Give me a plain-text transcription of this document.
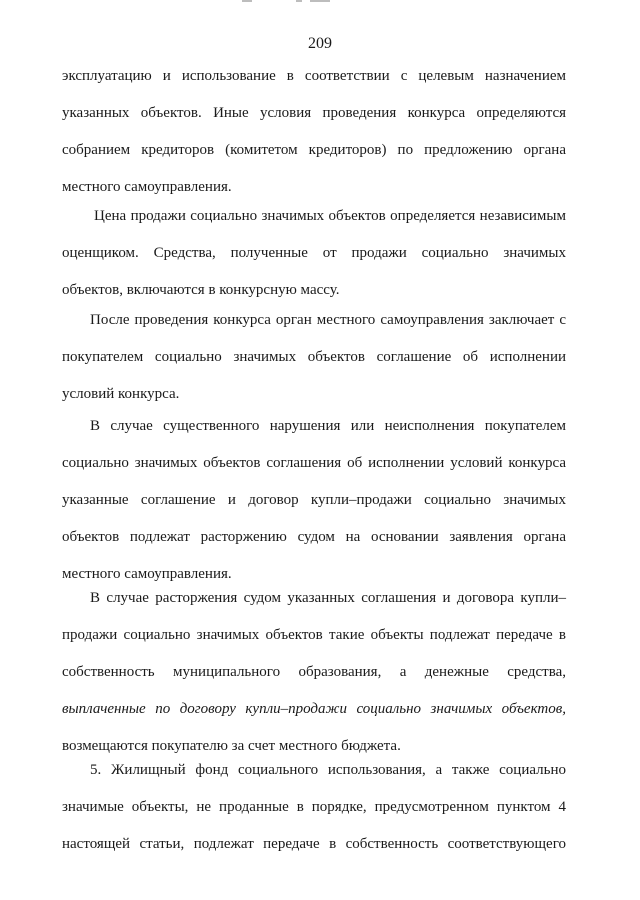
209
эксплуатацию и использование в соответствии с целевым назначением
указанных объектов. Иные условия проведения конкурса определяются
собранием кредиторов (комитетом кредиторов) по предложению органа
местного самоуправления.
Цена продажи социально значимых объектов определяется независимым
оценщиком. Средства, полученные от продажи социально значимых
объектов, включаются в конкурсную массу.
После проведения конкурса орган местного самоуправления заключает с
покупателем социально значимых объектов соглашение об исполнении
условий конкурса.
В случае существенного нарушения или неисполнения покупателем
социально значимых объектов соглашения об исполнении условий конкурса
указанные соглашение и договор купли–продажи социально значимых
объектов подлежат расторжению судом на основании заявления органа
местного самоуправления.
В случае расторжения судом указанных соглашения и договора купли–
продажи социально значимых объектов такие объекты подлежат передаче в
собственность муниципального образования, а денежные средства,
выплаченные по договору купли–продажи социально значимых объектов,
возмещаются покупателю за счет местного бюджета.
5. Жилищный фонд социального использования, а также социально
значимые объекты, не проданные в порядке, предусмотренном пунктом 4
настоящей статьи, подлежат передаче в собственность соответствующего
